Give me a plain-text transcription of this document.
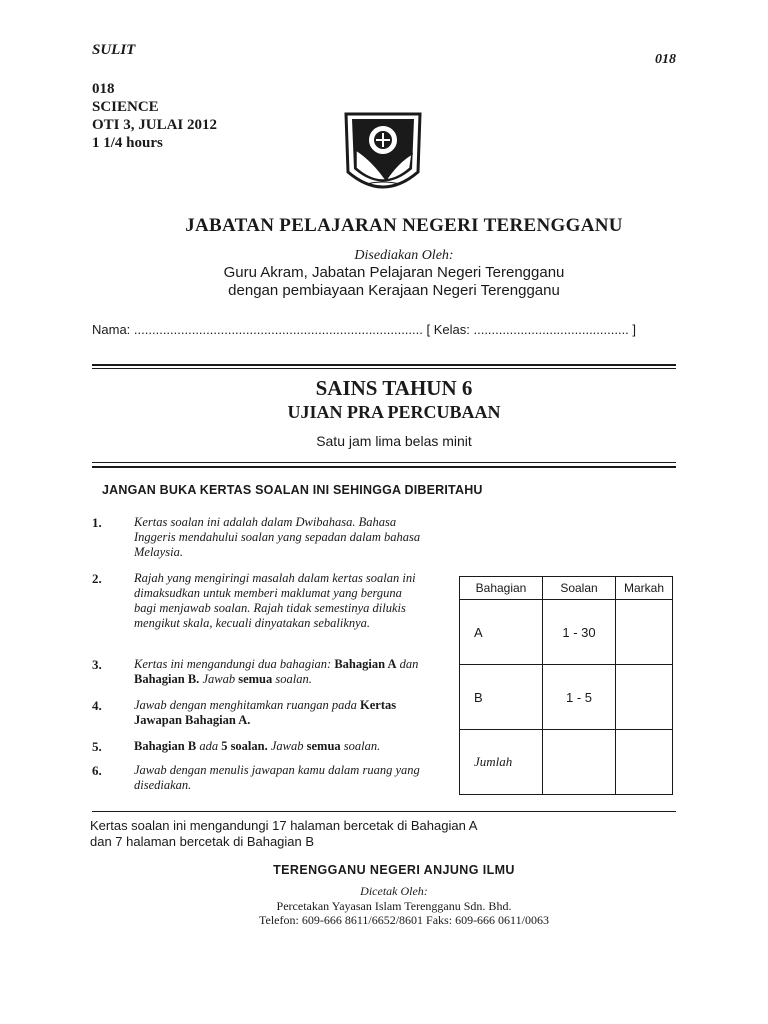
SULIT
018
018
SCIENCE
OTI 3, JULAI 2012
1 1/4 hours
JABATAN PELAJARAN NEGERI TERENGGANU
Disediakan Oleh:
Guru Akram, Jabatan Pelajaran Negeri Terengganu
dengan pembiayaan Kerajaan Negeri Terengganu
Nama: ................................................................................ [ Kelas: ........................................... ]
SAINS TAHUN 6
UJIAN PRA PERCUBAAN
Satu jam lima belas minit
JANGAN BUKA KERTAS SOALAN INI SEHINGGA DIBERITAHU
1.	Kertas soalan ini adalah dalam Dwibahasa. Bahasa Inggeris mendahului soalan yang sepadan dalam bahasa Melaysia.
2.	Rajah yang mengiringi masalah dalam kertas soalan ini dimaksudkan untuk memberi maklumat yang berguna bagi menjawab soalan. Rajah tidak semestinya dilukis mengikut skala, kecuali dinyatakan sebaliknya.
3.	Kertas ini mengandungi dua bahagian: Bahagian A dan Bahagian B. Jawab semua soalan.
4.	Jawab dengan menghitamkan ruangan pada Kertas Jawapan Bahagian A.
5.	Bahagian B ada 5 soalan. Jawab semua soalan.
6.	Jawab dengan menulis jawapan kamu dalam ruang yang disediakan.
Bahagian	Soalan	Markah
A	1 - 30	
B	1 - 5	
Jumlah		
Kertas soalan ini mengandungi 17 halaman bercetak di Bahagian A
dan 7 halaman bercetak di Bahagian B
TERENGGANU NEGERI ANJUNG ILMU
Dicetak Oleh:
Percetakan Yayasan Islam Terengganu Sdn. Bhd.
Telefon: 609-666 8611/6652/8601 Faks: 609-666 0611/0063
